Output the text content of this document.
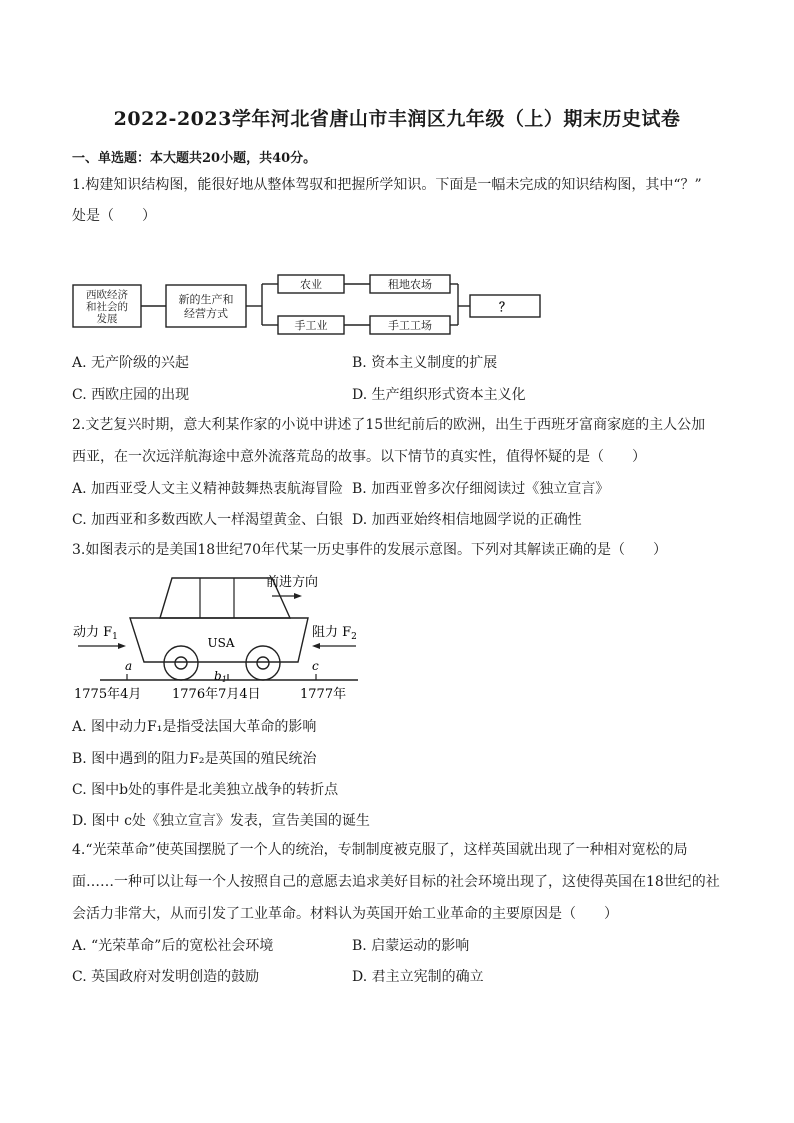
2022-2023学年河北省唐山市丰润区九年级（上）期末历史试卷
一、单选题：本大题共20小题，共40分。
1.构建知识结构图，能很好地从整体驾驭和把握所学知识。下面是一幅未完成的知识结构图，其中“？”
处是（　　）
西欧经济
和社会的
发展
新的生产和
经营方式
农业	租地农场
手工业	手工工场
？
A. 无产阶级的兴起	B. 资本主义制度的扩展
C. 西欧庄园的出现	D. 生产组织形式资本主义化
2.文艺复兴时期，意大利某作家的小说中讲述了15世纪前后的欧洲，出生于西班牙富商家庭的主人公加
西亚，在一次远洋航海途中意外流落荒岛的故事。以下情节的真实性，值得怀疑的是（　　）
A. 加西亚受人文主义精神鼓舞热衷航海冒险 B. 加西亚曾多次仔细阅读过《独立宣言》
C. 加西亚和多数西欧人一样渴望黄金、白银 D. 加西亚始终相信地圆学说的正确性
3.如图表示的是美国18世纪70年代某一历史事件的发展示意图。下列对其解读正确的是（　　）
USA
前进方向
动力 $F_1$	阻力 $F_2$
a
b1
c
1775年4月 1776年7月4日	1777年
A. 图中动力F₁是指受法国大革命的影响
B. 图中遇到的阻力F₂是英国的殖民统治
C. 图中b处的事件是北美独立战争的转折点
D. 图中 c处《独立宣言》发表，宣告美国的诞生
4.“光荣革命”使英国摆脱了一个人的统治，专制制度被克服了，这样英国就出现了一种相对宽松的局面……一种可以让每一个人按照自己的意愿去追求美好目标的社会环境出现了，这使得英国在18世纪的社会活力非常大，从而引发了工业革命。材料认为英国开始工业革命的主要原因是（　　）
A. “光荣革命”后的宽松社会环境	B. 启蒙运动的影响
C. 英国政府对发明创造的鼓励	D. 君主立宪制的确立
